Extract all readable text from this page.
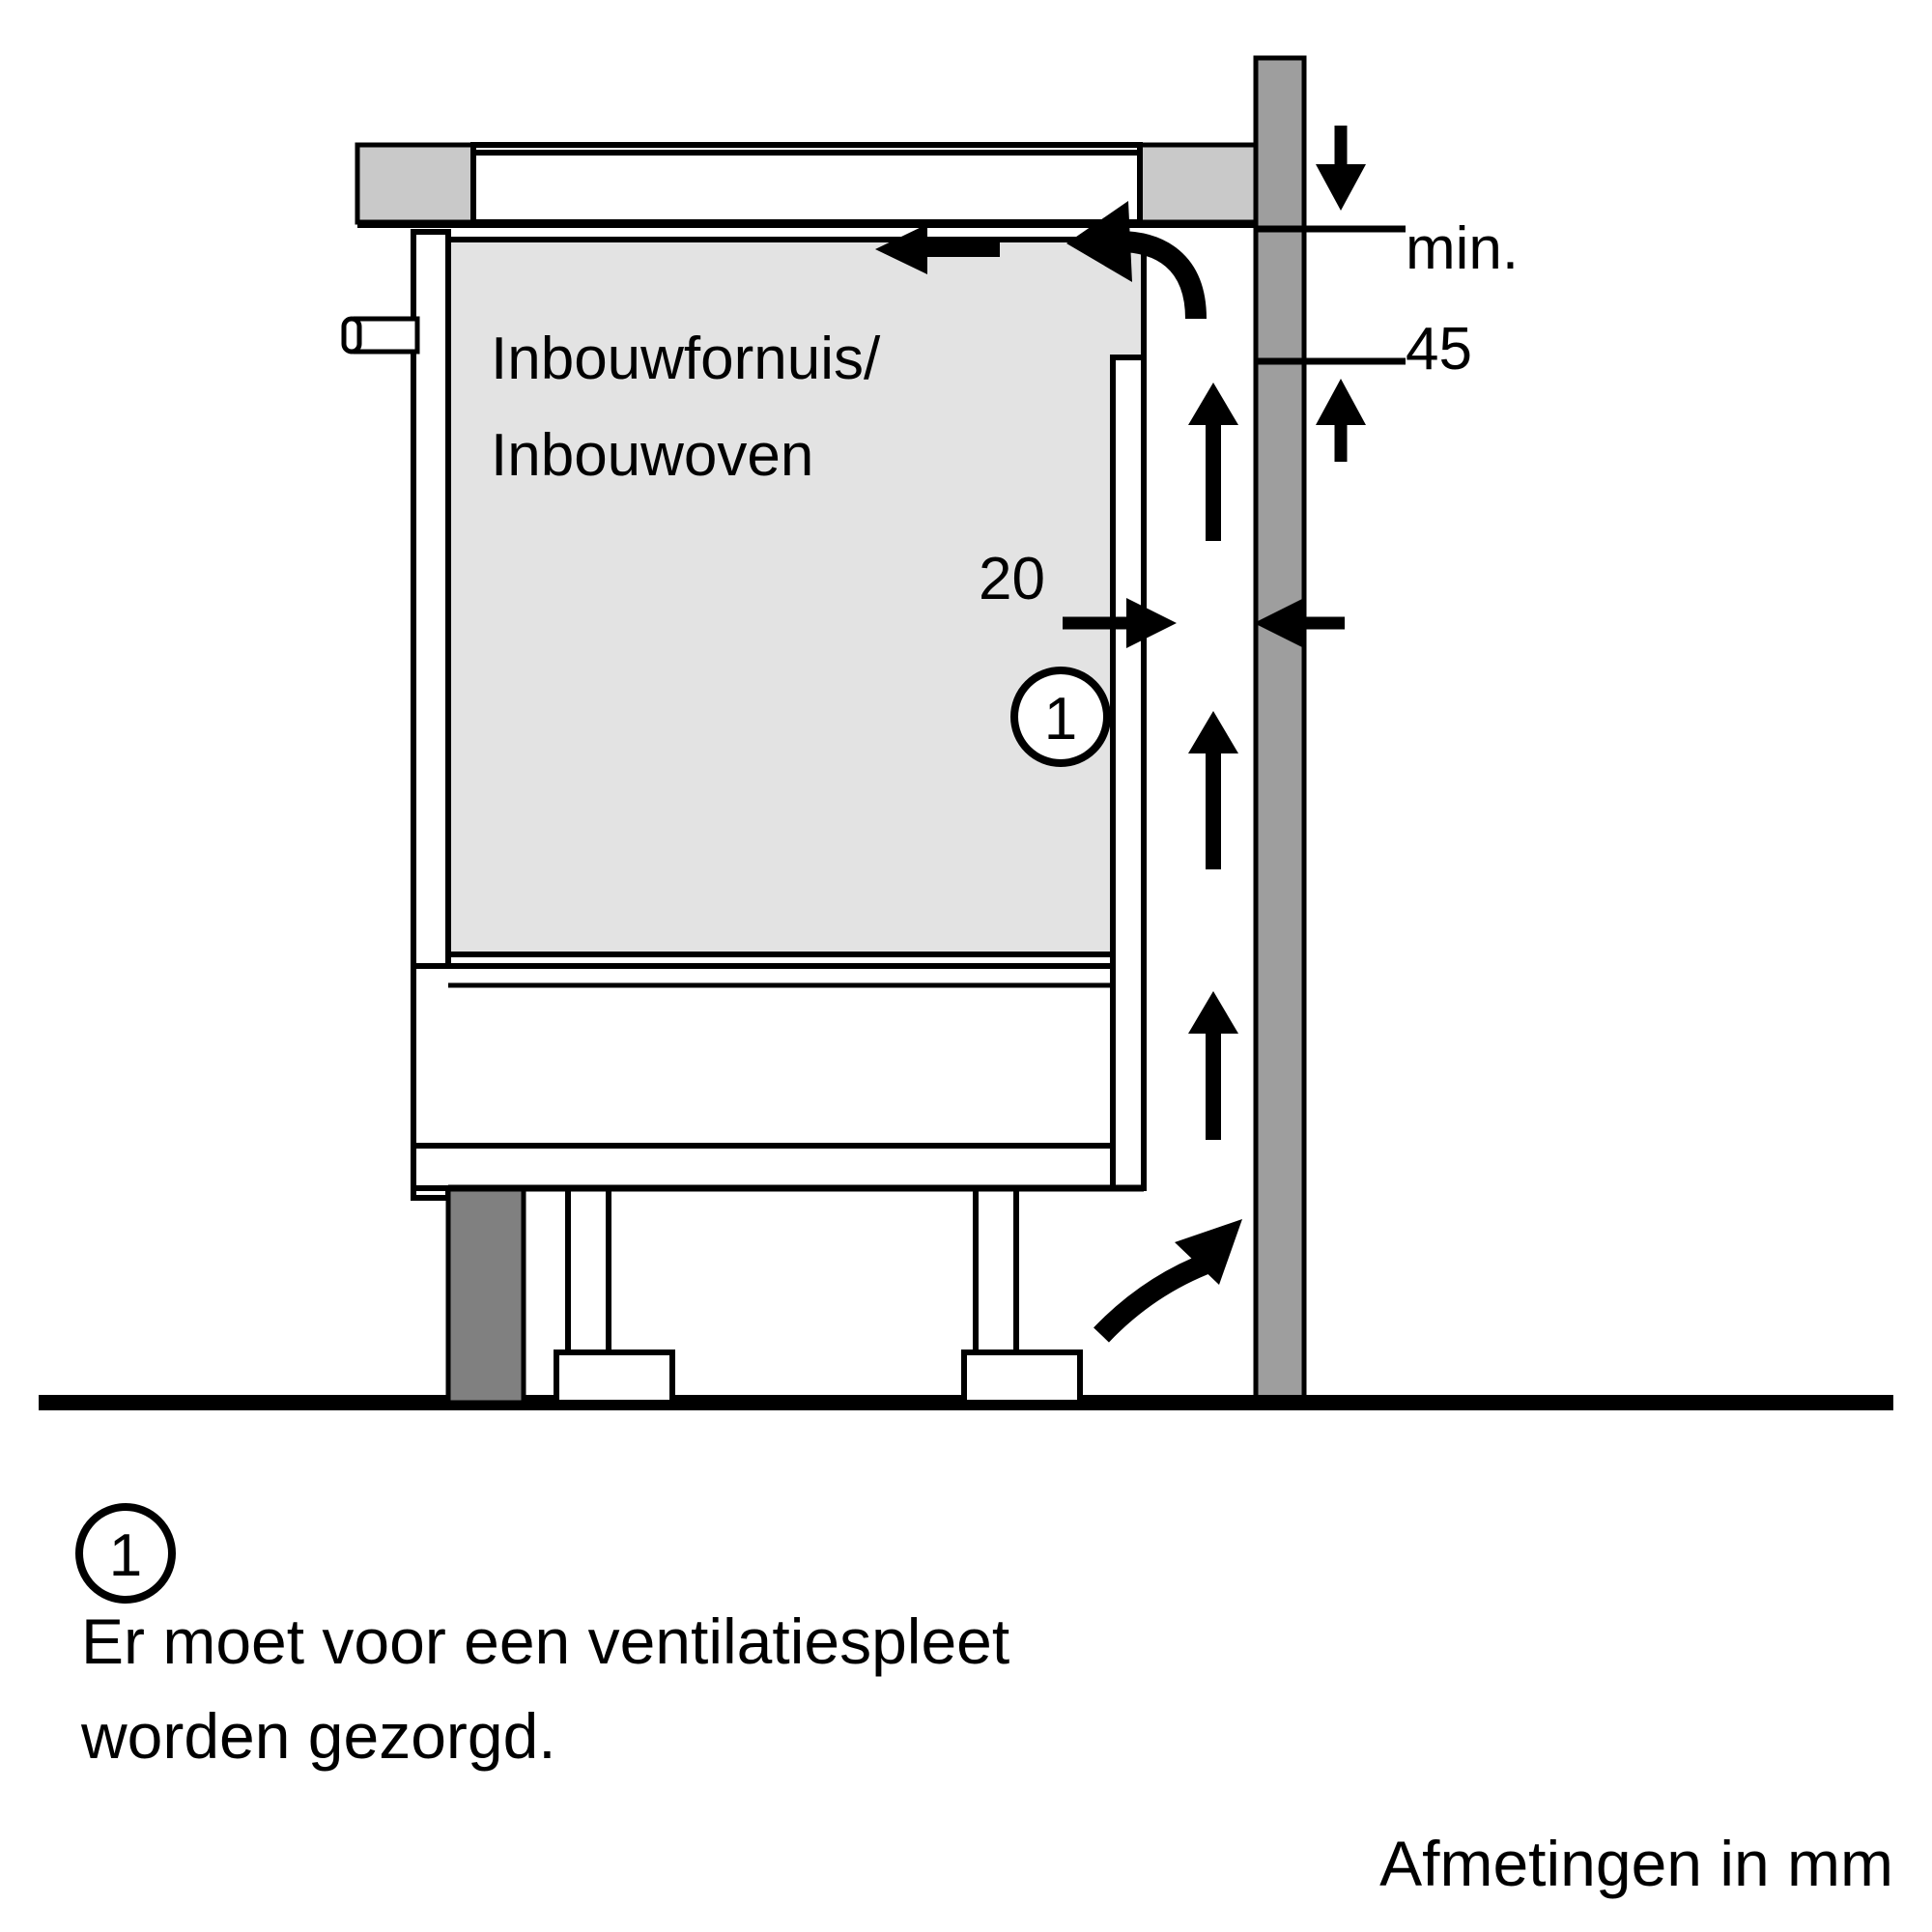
min.
45
20
1
Inbouwfornuis/
Inbouwoven
1
Er moet voor een ventilatiespleet
worden gezorgd.
Afmetingen in mm
